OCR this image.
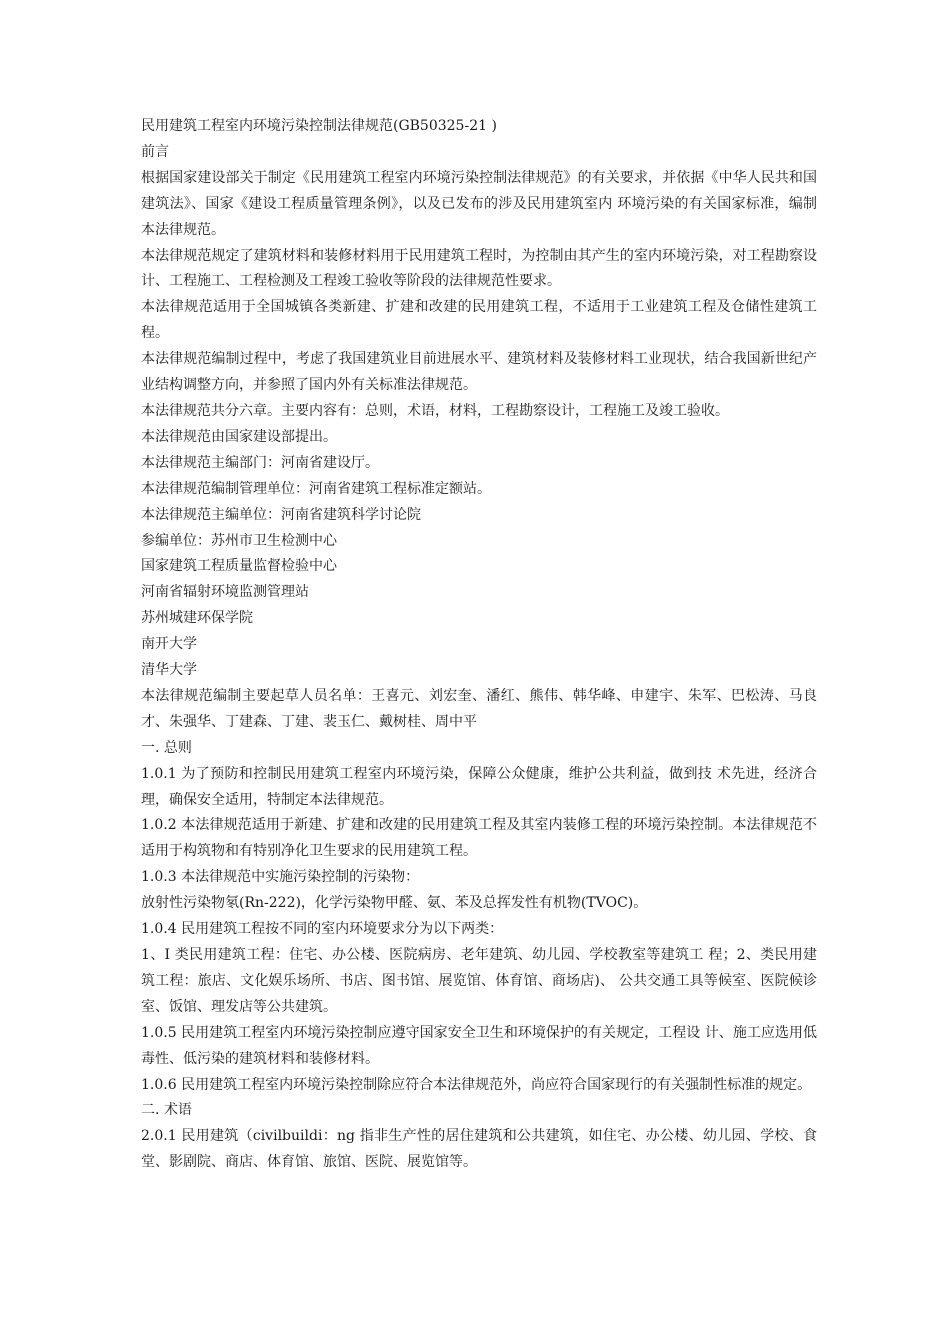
民用建筑工程室内环境污染控制法律规范(GB50325-21 )

前言

根据国家建设部关于制定《民用建筑工程室内环境污染控制法律规范》的有关要求，并依据《中华人民共和国建筑法》、国家《建设工程质量管理条例》，以及已发布的涉及民用建筑室内 环境污染的有关国家标准，编制本法律规范。

本法律规范规定了建筑材料和装修材料用于民用建筑工程时，为控制由其产生的室内环境污染，对工程勘察设计、工程施工、工程检测及工程竣工验收等阶段的法律规范性要求。

本法律规范适用于全国城镇各类新建、扩建和改建的民用建筑工程，不适用于工业建筑工程及仓储性建筑工程。

本法律规范编制过程中，考虑了我国建筑业目前进展水平、建筑材料及装修材料工业现状，结合我国新世纪产业结构调整方向，并参照了国内外有关标准法律规范。

本法律规范共分六章。主要内容有：总则，术语，材料，工程勘察设计，工程施工及竣工验收。

本法律规范由国家建设部提出。

本法律规范主编部门：河南省建设厅。

本法律规范编制管理单位：河南省建筑工程标准定额站。

本法律规范主编单位：河南省建筑科学讨论院

参编单位：苏州市卫生检测中心

国家建筑工程质量监督检验中心

河南省辐射环境监测管理站

苏州城建环保学院

南开大学

清华大学

本法律规范编制主要起草人员名单：王喜元、刘宏奎、潘红、熊伟、韩华峰、申建宇、朱军、巴松涛、马良才、朱强华、丁建森、丁建、裴玉仁、戴树桂、周中平

一. 总则

1.0.1 为了预防和控制民用建筑工程室内环境污染，保障公众健康，维护公共利益，做到技 术先进，经济合理，确保安全适用，特制定本法律规范。

1.0.2 本法律规范适用于新建、扩建和改建的民用建筑工程及其室内装修工程的环境污染控制。本法律规范不适用于构筑物和有特别净化卫生要求的民用建筑工程。

1.0.3 本法律规范中实施污染控制的污染物：

放射性污染物氡(Rn-222)，化学污染物甲醛、氨、苯及总挥发性有机物(TVOC)。

1.0.4 民用建筑工程按不同的室内环境要求分为以下两类：

1、I 类民用建筑工程：住宅、办公楼、医院病房、老年建筑、幼儿园、学校教室等建筑工 程；2、类民用建筑工程：旅店、文化娱乐场所、书店、图书馆、展览馆、体育馆、商场店)、 公共交通工具等候室、医院候诊室、饭馆、理发店等公共建筑。

1.0.5 民用建筑工程室内环境污染控制应遵守国家安全卫生和环境保护的有关规定，工程设 计、施工应选用低毒性、低污染的建筑材料和装修材料。

1.0.6 民用建筑工程室内环境污染控制除应符合本法律规范外，尚应符合国家现行的有关强制性标准的规定。

二. 术语

2.0.1 民用建筑（civilbuildi：ng 指非生产性的居住建筑和公共建筑，如住宅、办公楼、幼儿园、学校、食堂、影剧院、商店、体育馆、旅馆、医院、展览馆等。
